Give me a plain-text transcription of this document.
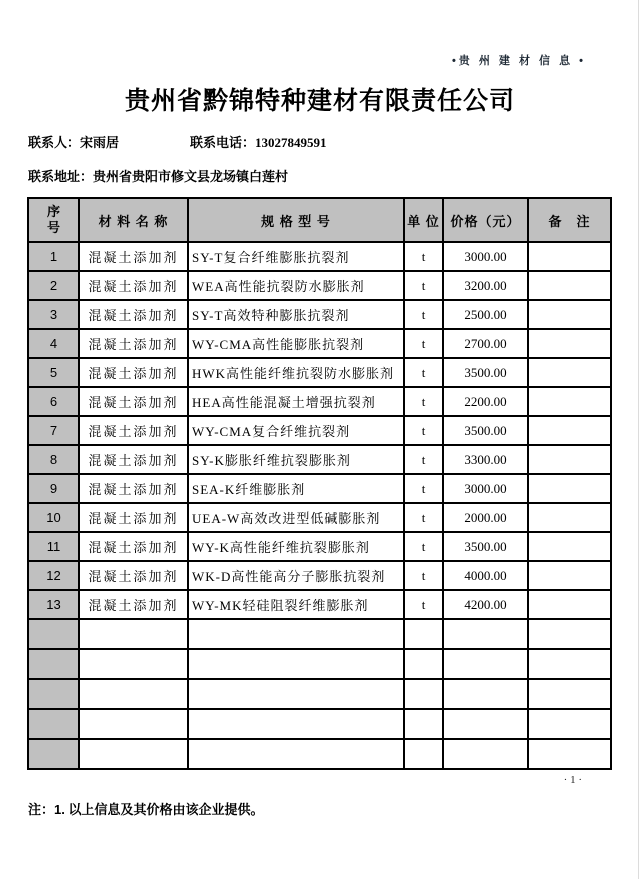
•贵 州 建 材 信 息 •
贵州省黔锦特种建材有限责任公司
联系人：宋雨居	联系电话：13027849591
联系地址：贵州省贵阳市修文县龙场镇白莲村
序号	材 料 名 称	规 格 型 号	单 位	价格（元）	备　注
1	混凝土添加剂	SY-T复合纤维膨胀抗裂剂	t	3000.00	
2	混凝土添加剂	WEA高性能抗裂防水膨胀剂	t	3200.00	
3	混凝土添加剂	SY-T高效特种膨胀抗裂剂	t	2500.00	
4	混凝土添加剂	WY-CMA高性能膨胀抗裂剂	t	2700.00	
5	混凝土添加剂	HWK高性能纤维抗裂防水膨胀剂	t	3500.00	
6	混凝土添加剂	HEA高性能混凝土增强抗裂剂	t	2200.00	
7	混凝土添加剂	WY-CMA复合纤维抗裂剂	t	3500.00	
8	混凝土添加剂	SY-K膨胀纤维抗裂膨胀剂	t	3300.00	
9	混凝土添加剂	SEA-K纤维膨胀剂	t	3000.00	
10	混凝土添加剂	UEA-W高效改进型低碱膨胀剂	t	2000.00	
11	混凝土添加剂	WY-K高性能纤维抗裂膨胀剂	t	3500.00	
12	混凝土添加剂	WK-D高性能高分子膨胀抗裂剂	t	4000.00	
13	混凝土添加剂	WY-MK轻硅阻裂纤维膨胀剂	t	4200.00	

· 1 ·
注：1. 以上信息及其价格由该企业提供。
